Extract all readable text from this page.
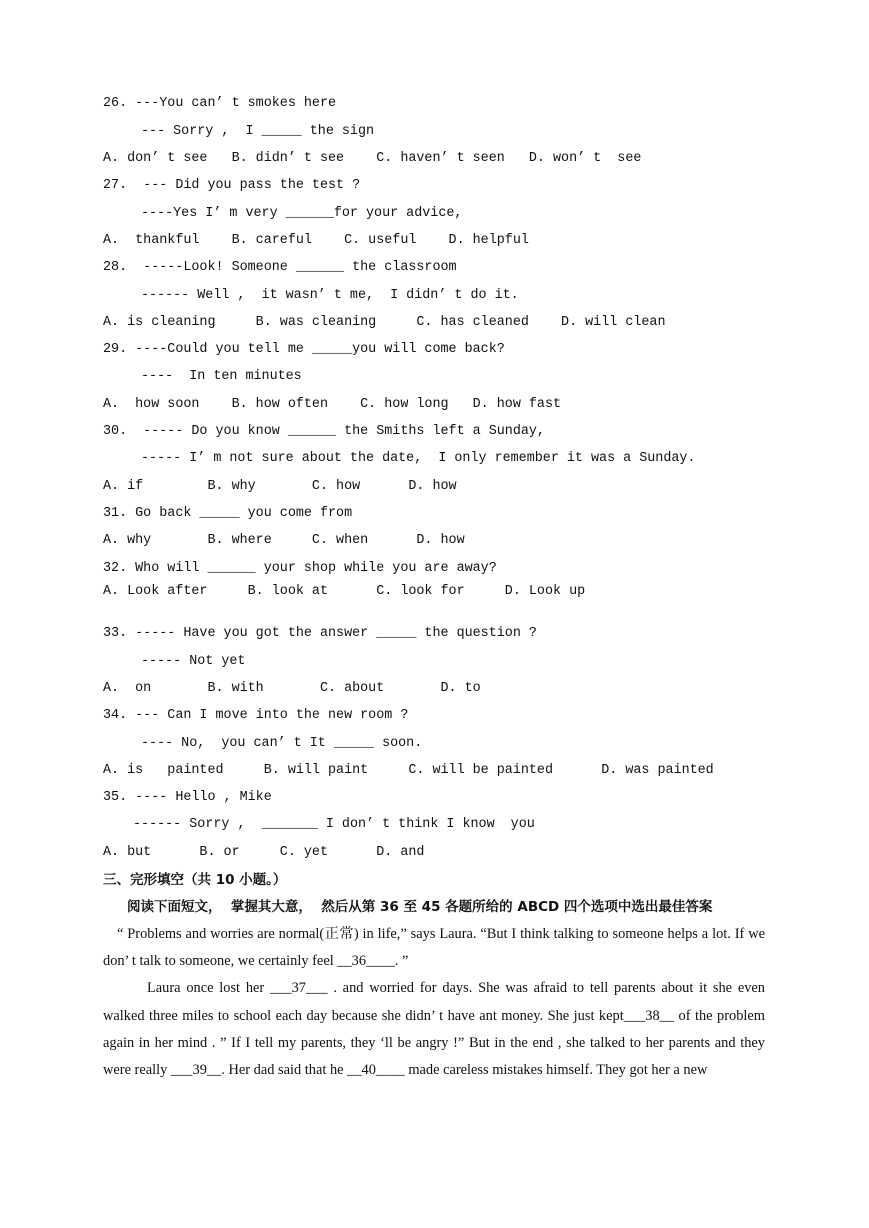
26. ---You can’ t smokes here
--- Sorry ,  I _____ the sign
A. don’ t see   B. didn’ t see    C. haven’ t seen   D. won’ t  see
27.  --- Did you pass the test ?
----Yes I’ m very ______for your advice,
A.  thankful    B. careful    C. useful    D. helpful
28.  -----Look! Someone ______ the classroom
------ Well ,  it wasn’ t me,  I didn’ t do it.
A. is cleaning     B. was cleaning     C. has cleaned    D. will clean
29. ----Could you tell me _____you will come back?
----  In ten minutes
A.  how soon    B. how often    C. how long   D. how fast
30.  ----- Do you know ______ the Smiths left a Sunday,
----- I’ m not sure about the date,  I only remember it was a Sunday.
A. if        B. why       C. how      D. how
31. Go back _____ you come from
A. why       B. where     C. when      D. how
32. Who will ______ your shop while you are away?
A. Look after     B. look at      C. look for     D. Look up
33. ----- Have you got the answer _____ the question ?
----- Not yet
A.  on       B. with       C. about       D. to
34. --- Can I move into the new room ?
---- No,  you can’ t It _____ soon.
A. is   painted     B. will paint     C. will be painted      D. was painted
35. ---- Hello , Mike
------ Sorry ,  _______ I don’ t think I know  you
A. but      B. or     C. yet      D. and
三、完形填空（共 10 小题。）
阅读下面短文，  掌握其大意，  然后从第 36 至 45 各题所给的 ABCD 四个选项中选出最佳答案

“ Problems and worries are normal(正常) in life,” says Laura. “But I think talking to someone helps a lot. If we don’ t talk to someone, we certainly feel __36____. ”

Laura once lost her ___37___ . and worried for days. She was afraid to tell parents about it she even walked three miles to school each day because she didn’ t have ant money. She just kept___38__ of the problem again in her mind . ” If I tell my parents, they ‘ll be angry !” But in the end , she talked to her parents and they were really ___39__. Her dad said that he __40____ made careless mistakes himself. They got her a new
